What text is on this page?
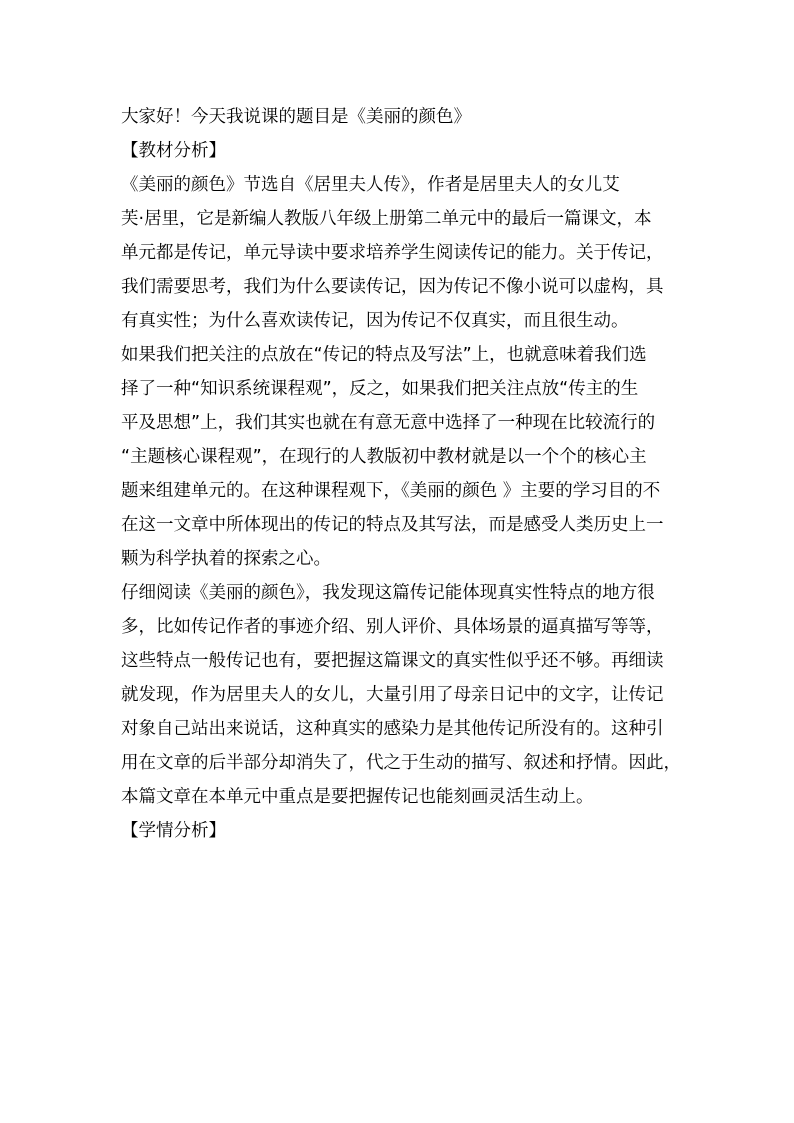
大家好！今天我说课的题目是《美丽的颜色》
【教材分析】
《美丽的颜色》节选自《居里夫人传》，作者是居里夫人的女儿艾
芙·居里，它是新编人教版八年级上册第二单元中的最后一篇课文，本
单元都是传记，单元导读中要求培养学生阅读传记的能力。关于传记，
我们需要思考，我们为什么要读传记，因为传记不像小说可以虚构，具
有真实性；为什么喜欢读传记，因为传记不仅真实，而且很生动。
如果我们把关注的点放在“传记的特点及写法”上，也就意味着我们选
择了一种“知识系统课程观”，反之，如果我们把关注点放“传主的生
平及思想”上，我们其实也就在有意无意中选择了一种现在比较流行的
“主题核心课程观”，在现行的人教版初中教材就是以一个个的核心主
题来组建单元的。在这种课程观下，《美丽的颜色 》主要的学习目的不
在这一文章中所体现出的传记的特点及其写法，而是感受人类历史上一
颗为科学执着的探索之心。
仔细阅读《美丽的颜色》，我发现这篇传记能体现真实性特点的地方很
多，比如传记作者的事迹介绍、别人评价、具体场景的逼真描写等等，
这些特点一般传记也有，要把握这篇课文的真实性似乎还不够。再细读
就发现，作为居里夫人的女儿，大量引用了母亲日记中的文字，让传记
对象自己站出来说话，这种真实的感染力是其他传记所没有的。这种引
用在文章的后半部分却消失了，代之于生动的描写、叙述和抒情。因此，
本篇文章在本单元中重点是要把握传记也能刻画灵活生动上。
【学情分析】
